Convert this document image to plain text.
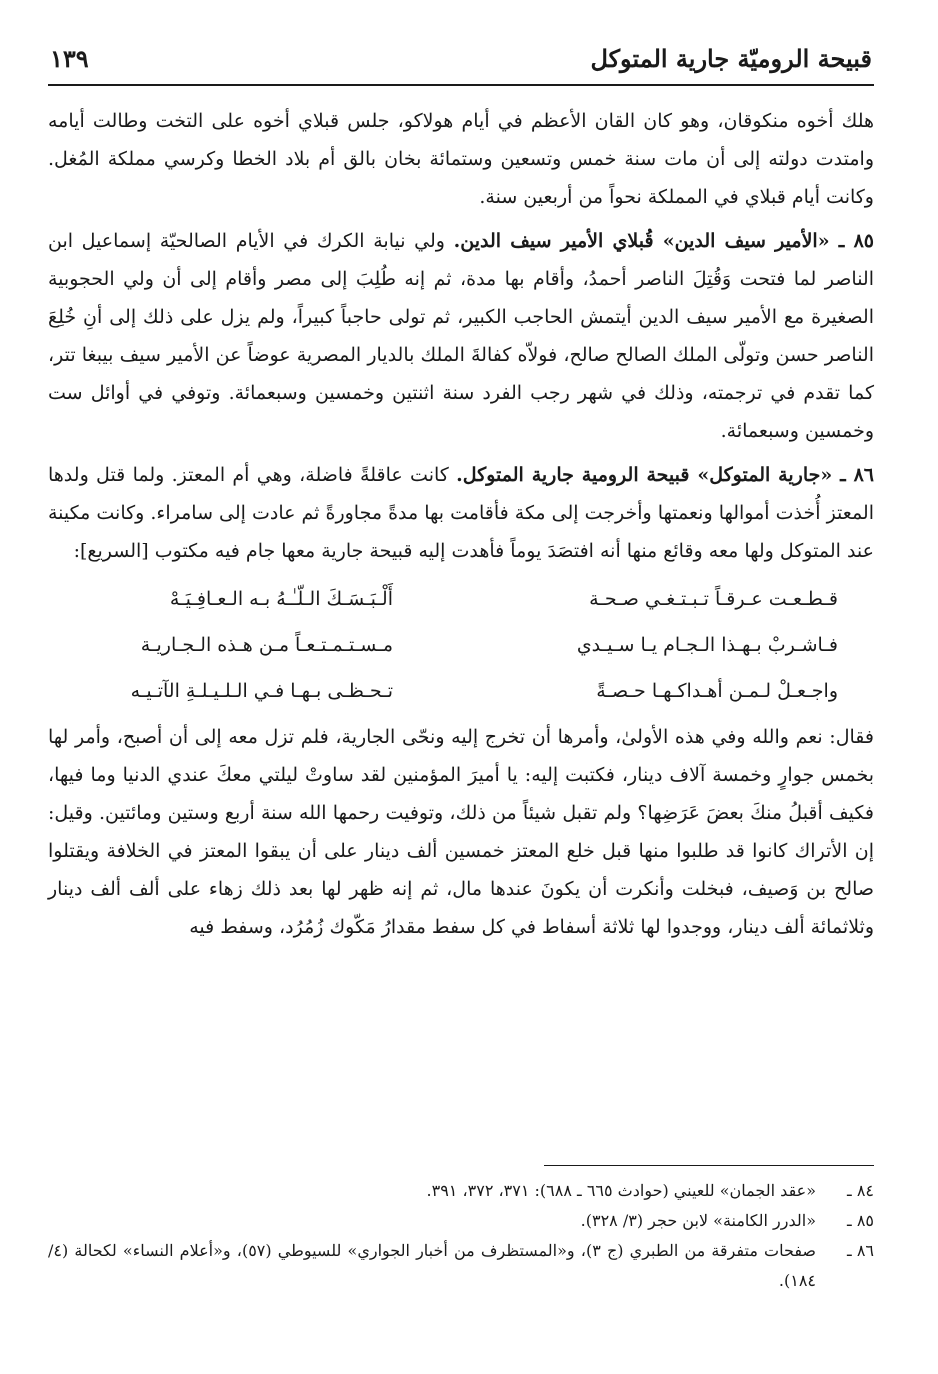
قبيحة الروميّة جارية المتوكل
١٣٩

هلك أخوه منكوقان، وهو كان القان الأعظم في أيام هولاكو، جلس قبلاي أخوه على التخت وطالت أيامه وامتدت دولته إلى أن مات سنة خمس وتسعين وستمائة بخان بالق أم بلاد الخطا وكرسي مملكة المُغل. وكانت أيام قبلاي في المملكة نحواً من أربعين سنة.

٨٥ ـ «الأمير سيف الدين» قُبلاي الأمير سيف الدين. ولي نيابة الكرك في الأيام الصالحيّة إسماعيل ابن الناصر لما فتحت وَقُتِلَ الناصر أحمدُ، وأقام بها مدة، ثم إنه طُلِبَ إلى مصر وأقام إلى أن ولي الحجوبية الصغيرة مع الأمير سيف الدين أيتمش الحاجب الكبير، ثم تولى حاجباً كبيراً، ولم يزل على ذلك إلى أنِ خُلِعَ الناصر حسن وتولّى الملك الصالح صالح، فولاّه كفالةَ الملك بالديار المصرية عوضاً عن الأمير سيف بيبغا تتر، كما تقدم في ترجمته، وذلك في شهر رجب الفرد سنة اثنتين وخمسين وسبعمائة. وتوفي في أوائل ست وخمسين وسبعمائة.

٨٦ ـ «جارية المتوكل» قبيحة الرومية جارية المتوكل. كانت عاقلةً فاضلة، وهي أم المعتز. ولما قتل ولدها المعتز أُخذت أموالها ونعمتها وأخرجت إلى مكة فأقامت بها مدةً مجاورةً ثم عادت إلى سامراء. وكانت مكينة عند المتوكل ولها معه وقائع منها أنه افتصَدَ يوماً فأهدت إليه قبيحة جارية معها جام فيه مكتوب [السريع]:

قـطـعـت عـرقـاً تـبـتـغـي صـحـة
أَلْـبَـسَـكَ الـلّـٰـهُ بـه الـعـافِـيَـهْ
فـاشـربْ بـهـذا الـجـام يـا سـيـدي
مـسـتـمـتـعـاً مـن هـذه الـجـاريـة
واجـعـلْ لـمـن أهـداكـهـا حـصـةً
تـحـظـى بـهـا فـي الـلـيـلـةِ الآتـيـه

فقال: نعم والله وفي هذه الأولىٰ، وأمرها أن تخرج إليه ونحّى الجارية، فلم تزل معه إلى أن أصبح، وأمر لها بخمس جوارٍ وخمسة آلاف دينار، فكتبت إليه: يا أميرَ المؤمنين لقد ساوتْ ليلتي معكَ عندي الدنيا وما فيها، فكيف أقبلُ منكَ بعضَ عَرَضِها؟ ولم تقبل شيئاً من ذلك، وتوفيت رحمها الله سنة أربع وستين ومائتين. وقيل: إن الأتراك كانوا قد طلبوا منها قبل خلع المعتز خمسين ألف دينار على أن يبقوا المعتز في الخلافة ويقتلوا صالح بن وَصيف، فبخلت وأنكرت أن يكونَ عندها مال، ثم إنه ظهر لها بعد ذلك زهاء على ألف ألف دينار وثلاثمائة ألف دينار، ووجدوا لها ثلاثة أسفاط في كل سفط مقدارُ مَكّوك زُمُرُد، وسفط فيه

٨٤ ـ
«عقد الجمان» للعيني (حوادث ٦٦٥ ـ ٦٨٨): ٣٧١، ٣٧٢، ٣٩١.
٨٥ ـ
«الدرر الكامنة» لابن حجر (٣/ ٣٢٨).
٨٦ ـ
صفحات متفرقة من الطبري (ج ٣)، و«المستظرف من أخبار الجواري» للسيوطي (٥٧)، و«أعلام النساء» لكحالة (٤/ ١٨٤).
